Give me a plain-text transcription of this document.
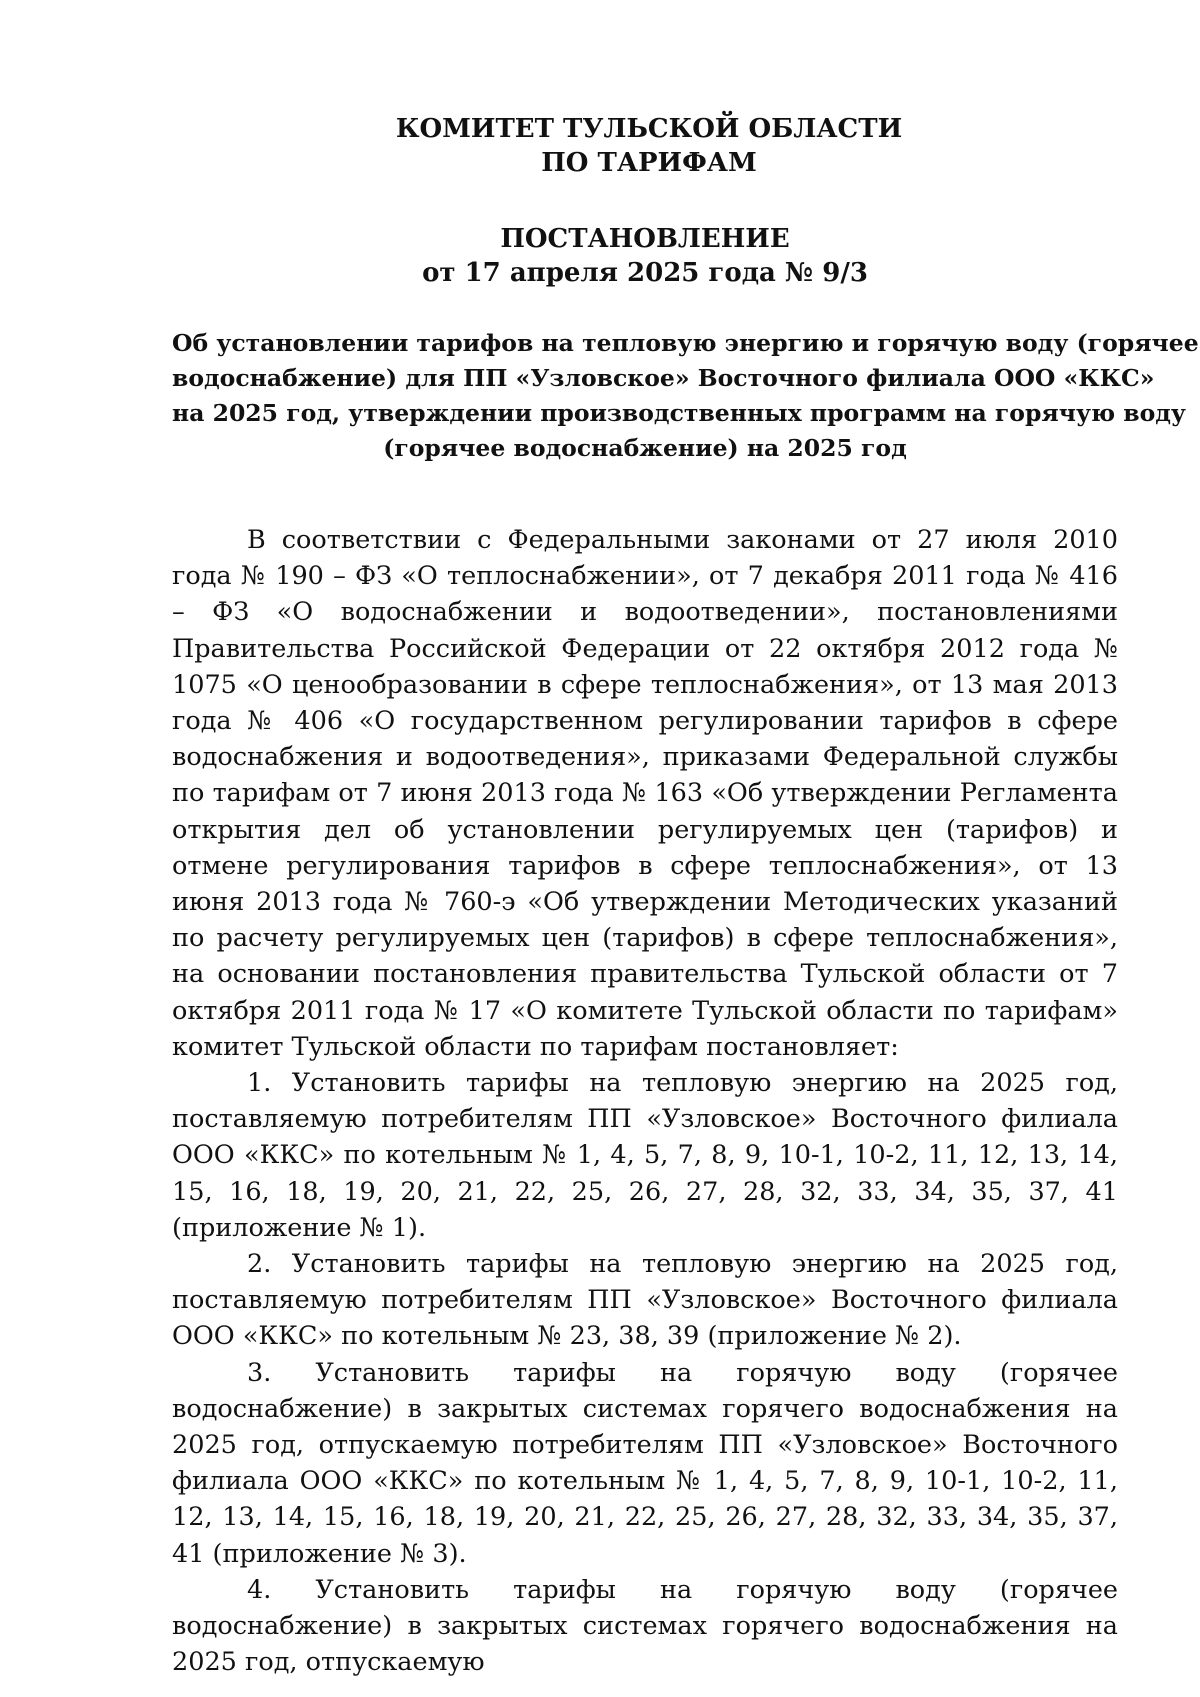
КОМИТЕТ ТУЛЬСКОЙ ОБЛАСТИ
ПО ТАРИФАМ
ПОСТАНОВЛЕНИЕ
от 17 апреля 2025 года № 9/3
Об установлении тарифов на тепловую энергию и горячую воду (горячее
водоснабжение) для ПП «Узловское» Восточного филиала ООО «ККС»
на 2025 год, утверждении производственных программ на горячую воду
(горячее водоснабжение) на 2025 год

В соответствии с Федеральными законами от 27 июля 2010 года № 190 – ФЗ «О теплоснабжении», от 7 декабря 2011 года № 416 – ФЗ «О водоснабжении и водоотведении», постановлениями Правительства Российской Федерации от 22 октября 2012 года № 1075 «О ценообразовании в сфере теплоснабжения», от 13 мая 2013 года № 406 «О государственном регулировании тарифов в сфере водоснабжения и водоотведения», приказами Федеральной службы по тарифам от 7 июня 2013 года № 163 «Об утверждении Регламента открытия дел об установлении регулируемых цен (тарифов) и отмене регулирования тарифов в сфере теплоснабжения», от 13 июня 2013 года № 760-э «Об утверждении Методических указаний по расчету регулируемых цен (тарифов) в сфере теплоснабжения», на основании постановления правительства Тульской области от 7 октября 2011 года № 17 «О комитете Тульской области по тарифам» комитет Тульской области по тарифам постановляет:

1. Установить тарифы на тепловую энергию на 2025 год, поставляемую потребителям ПП «Узловское» Восточного филиала ООО «ККС» по котельным № 1, 4, 5, 7, 8, 9, 10-1, 10-2, 11, 12, 13, 14, 15, 16, 18, 19, 20, 21, 22, 25, 26, 27, 28, 32, 33, 34, 35, 37, 41 (приложение № 1).

2. Установить тарифы на тепловую энергию на 2025 год, поставляемую потребителям ПП «Узловское» Восточного филиала ООО «ККС» по котельным № 23, 38, 39 (приложение № 2).

3. Установить тарифы на горячую воду (горячее водоснабжение) в закрытых системах горячего водоснабжения на 2025 год, отпускаемую потребителям ПП «Узловское» Восточного филиала ООО «ККС» по котельным № 1, 4, 5, 7, 8, 9, 10-1, 10-2, 11, 12, 13, 14, 15, 16, 18, 19, 20, 21, 22, 25, 26, 27, 28, 32, 33, 34, 35, 37, 41 (приложение № 3).

4. Установить тарифы на горячую воду (горячее водоснабжение) в закрытых системах горячего водоснабжения на 2025 год, отпускаемую
